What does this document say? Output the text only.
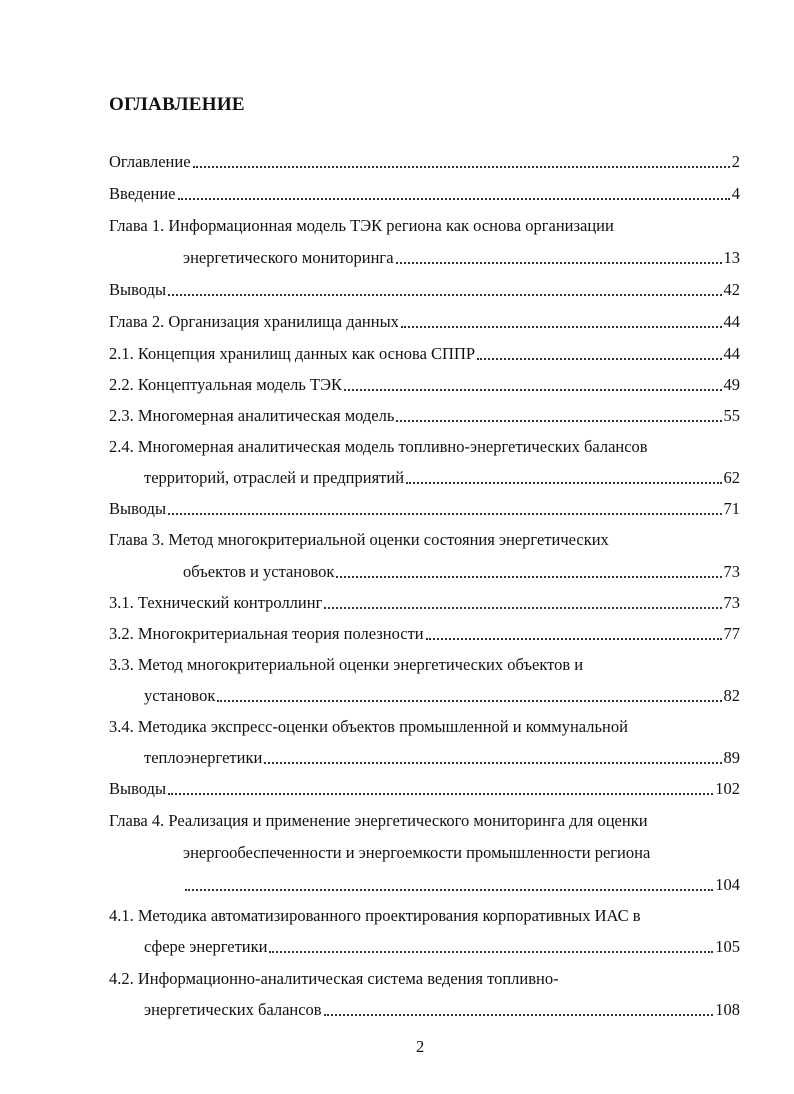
ОГЛАВЛЕНИЕ
Оглавление	2
Введение	4
Глава 1. Информационная модель ТЭК региона как основа организации
энергетического мониторинга	13
Выводы	42
Глава 2. Организация хранилища данных	44
2.1. Концепция хранилищ данных как основа СППР	44
2.2. Концептуальная модель ТЭК	49
2.3. Многомерная аналитическая модель	55
2.4. Многомерная аналитическая модель топливно-энергетических балансов
территорий, отраслей и предприятий	62
Выводы	71
Глава 3. Метод многокритериальной оценки состояния энергетических
объектов и установок	73
3.1. Технический контроллинг	73
3.2. Многокритериальная теория полезности	77
3.3. Метод многокритериальной оценки энергетических объектов и
установок	82
3.4. Методика экспресс-оценки объектов промышленной и коммунальной
теплоэнергетики	89
Выводы	102
Глава 4. Реализация и применение энергетического мониторинга для оценки
энергообеспеченности и энергоемкости промышленности региона
104
4.1. Методика автоматизированного проектирования корпоративных ИАС в
сфере энергетики	105
4.2. Информационно-аналитическая система ведения топливно-
энергетических балансов	108
2
